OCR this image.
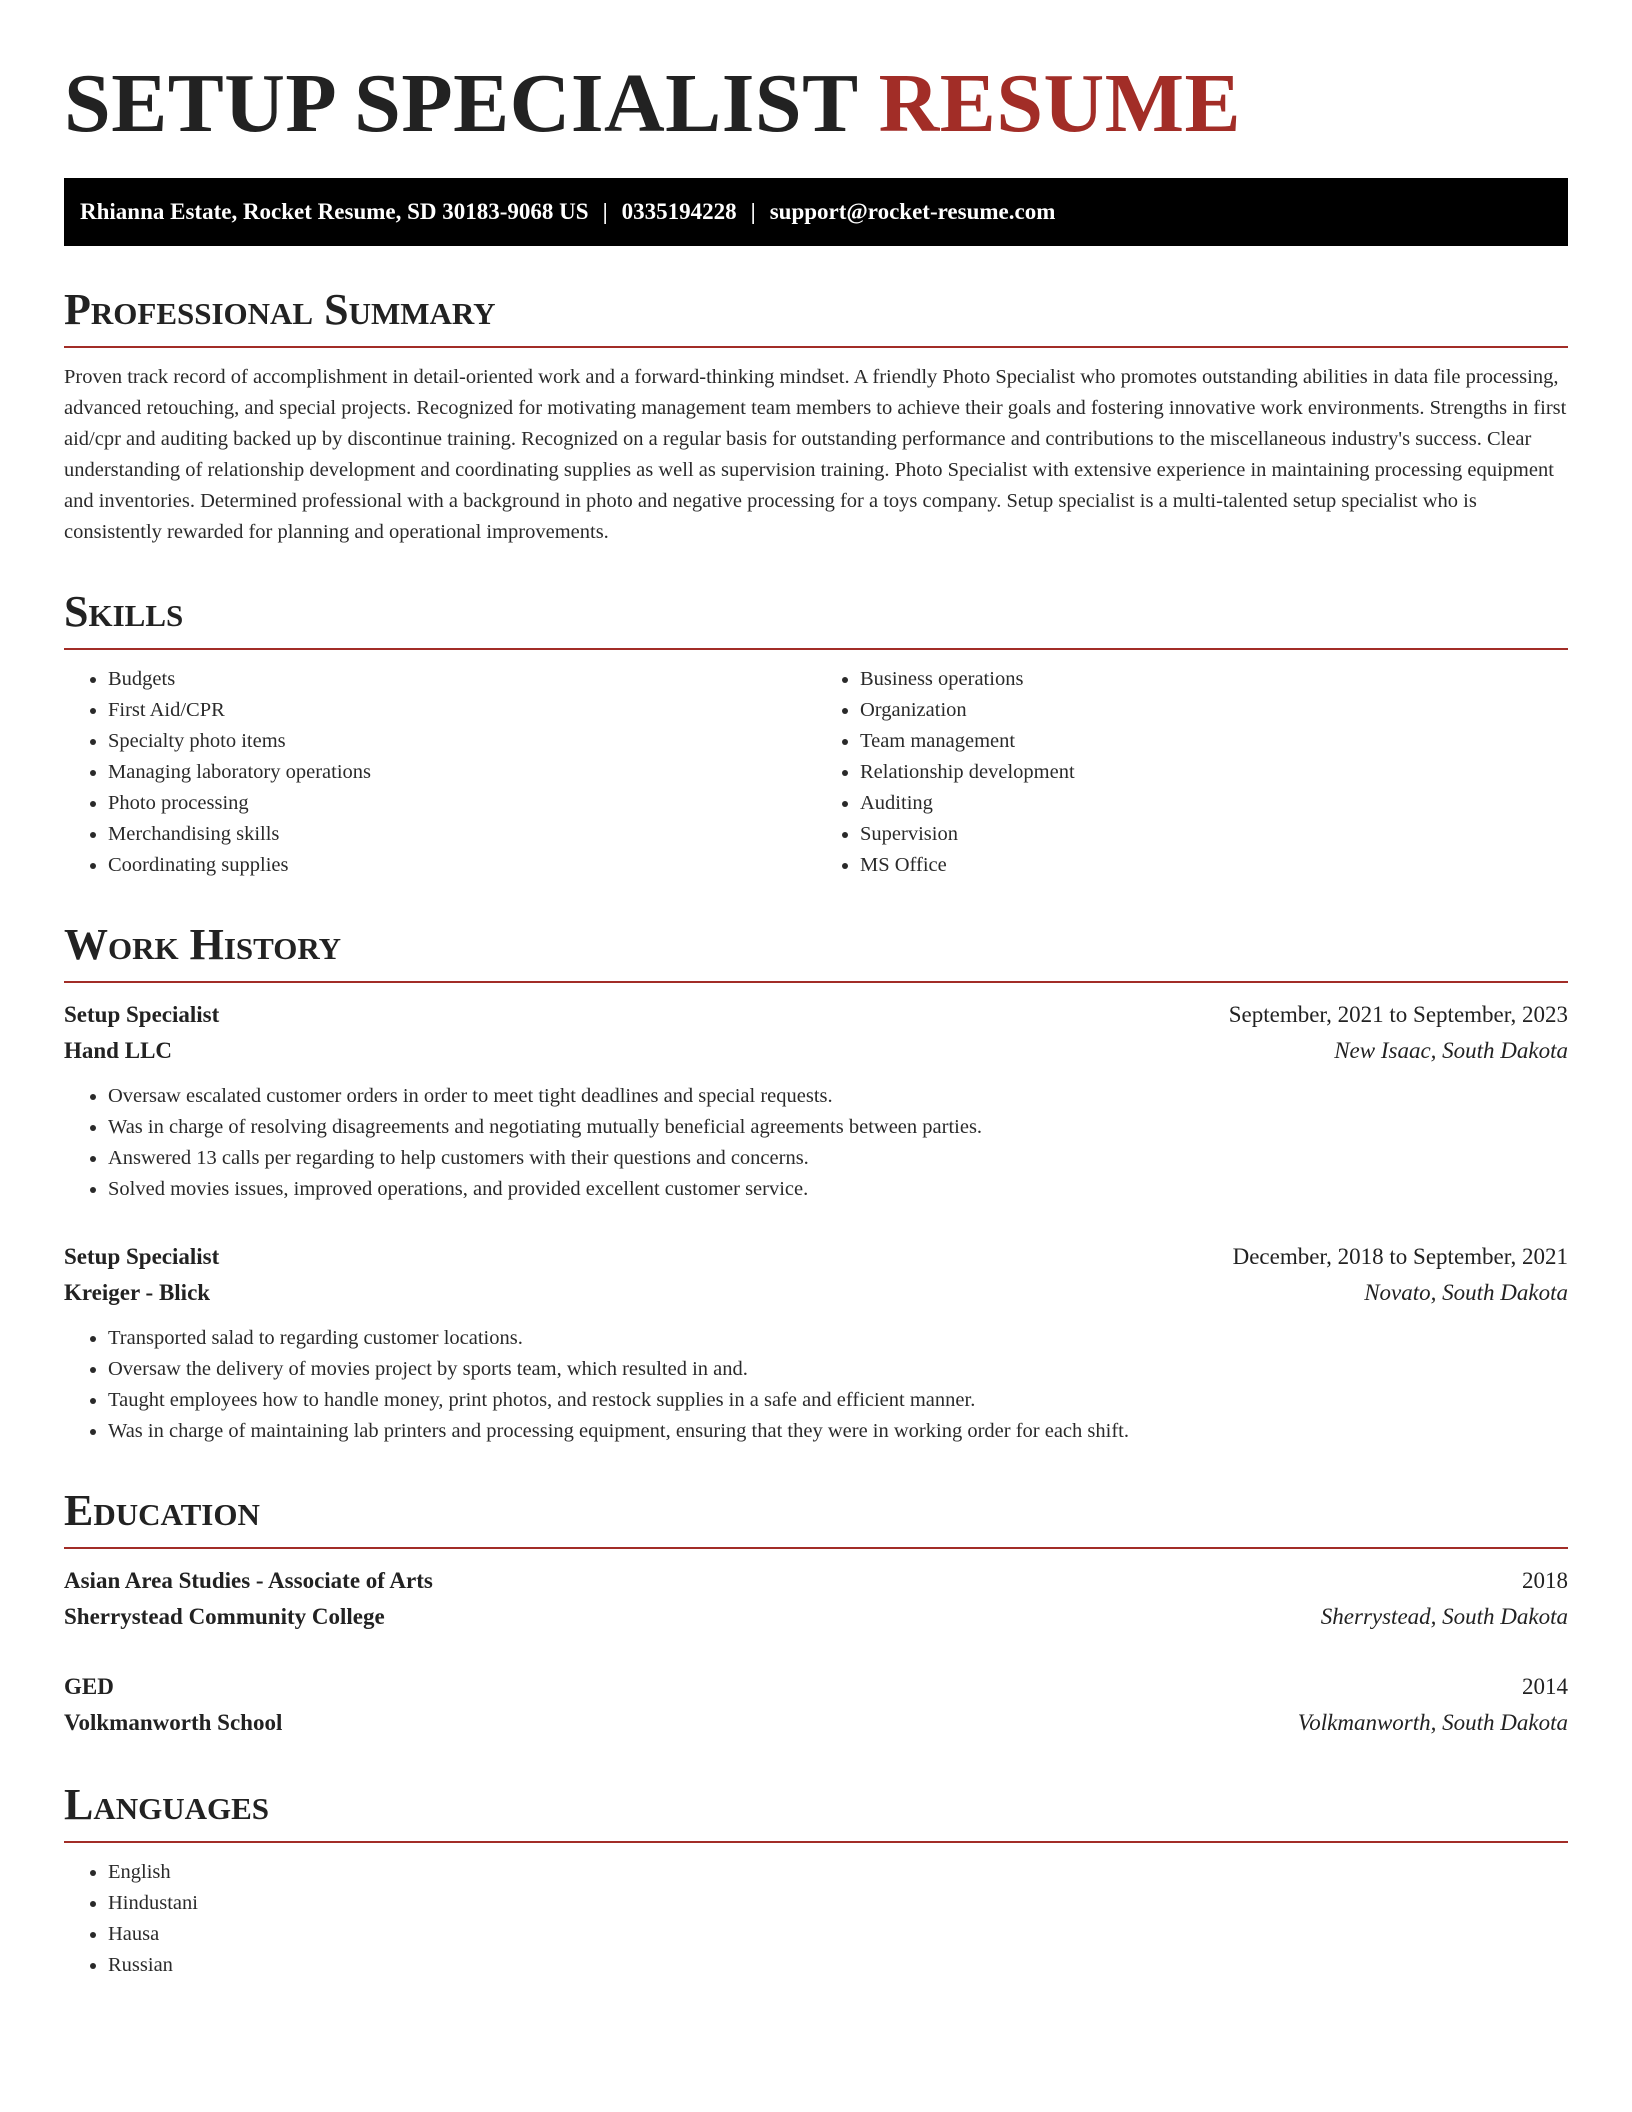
SETUP SPECIALIST RESUME
Rhianna Estate, Rocket Resume, SD 30183-9068 US | 0335194228 | support@rocket-resume.com
Professional Summary

Proven track record of accomplishment in detail-oriented work and a forward-thinking mindset. A friendly Photo Specialist who promotes outstanding abilities in data file processing, advanced retouching, and special projects. Recognized for motivating management team members to achieve their goals and fostering innovative work environments. Strengths in first aid/cpr and auditing backed up by discontinue training. Recognized on a regular basis for outstanding performance and contributions to the miscellaneous industry's success. Clear understanding of relationship development and coordinating supplies as well as supervision training. Photo Specialist with extensive experience in maintaining processing equipment and inventories. Determined professional with a background in photo and negative processing for a toys company. Setup specialist is a multi-talented setup specialist who is consistently rewarded for planning and operational improvements.

Skills
• Budgets
• First Aid/CPR
• Specialty photo items
• Managing laboratory operations
• Photo processing
• Merchandising skills
• Coordinating supplies
• Business operations
• Organization
• Team management
• Relationship development
• Auditing
• Supervision
• MS Office
Work History
Setup Specialist	September, 2021 to September, 2023
Hand LLC	New Isaac, South Dakota
• Oversaw escalated customer orders in order to meet tight deadlines and special requests.
• Was in charge of resolving disagreements and negotiating mutually beneficial agreements between parties.
• Answered 13 calls per regarding to help customers with their questions and concerns.
• Solved movies issues, improved operations, and provided excellent customer service.
Setup Specialist	December, 2018 to September, 2021
Kreiger - Blick	Novato, South Dakota
• Transported salad to regarding customer locations.
• Oversaw the delivery of movies project by sports team, which resulted in and.
• Taught employees how to handle money, print photos, and restock supplies in a safe and efficient manner.
• Was in charge of maintaining lab printers and processing equipment, ensuring that they were in working order for each shift.
Education
Asian Area Studies - Associate of Arts	2018
Sherrystead Community College	Sherrystead, South Dakota
GED	2014
Volkmanworth School	Volkmanworth, South Dakota
Languages
• English
• Hindustani
• Hausa
• Russian
